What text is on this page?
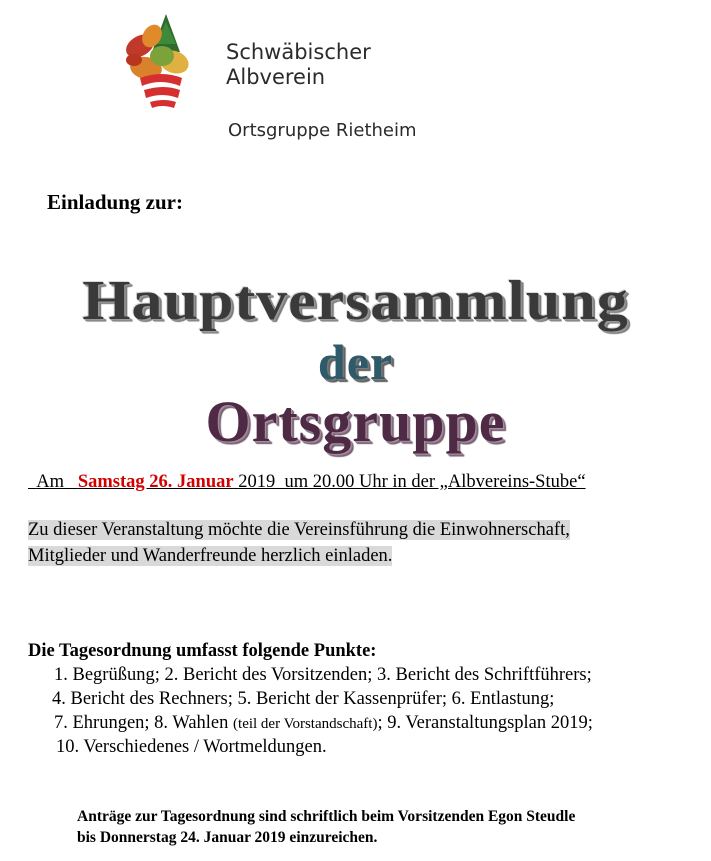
Schwäbischer
Albverein
Ortsgruppe Rietheim
Einladung zur:
Hauptversammlung
der
Ortsgruppe
Am Samstag 26. Januar 2019  um 20.00 Uhr in der „Albvereins-Stube“
Zu dieser Veranstaltung möchte die Vereinsführung die Einwohnerschaft,
Mitglieder und Wanderfreunde herzlich einladen.
Die Tagesordnung umfasst folgende Punkte:
1. Begrüßung; 2. Bericht des Vorsitzenden; 3. Bericht des Schriftführers;
4. Bericht des Rechners; 5. Bericht der Kassenprüfer; 6. Entlastung;
7. Ehrungen; 8. Wahlen (teil der Vorstandschaft); 9. Veranstaltungsplan 2019;
10. Verschiedenes / Wortmeldungen.
Anträge zur Tagesordnung sind schriftlich beim Vorsitzenden Egon Steudle
bis Donnerstag 24. Januar 2019 einzureichen.
